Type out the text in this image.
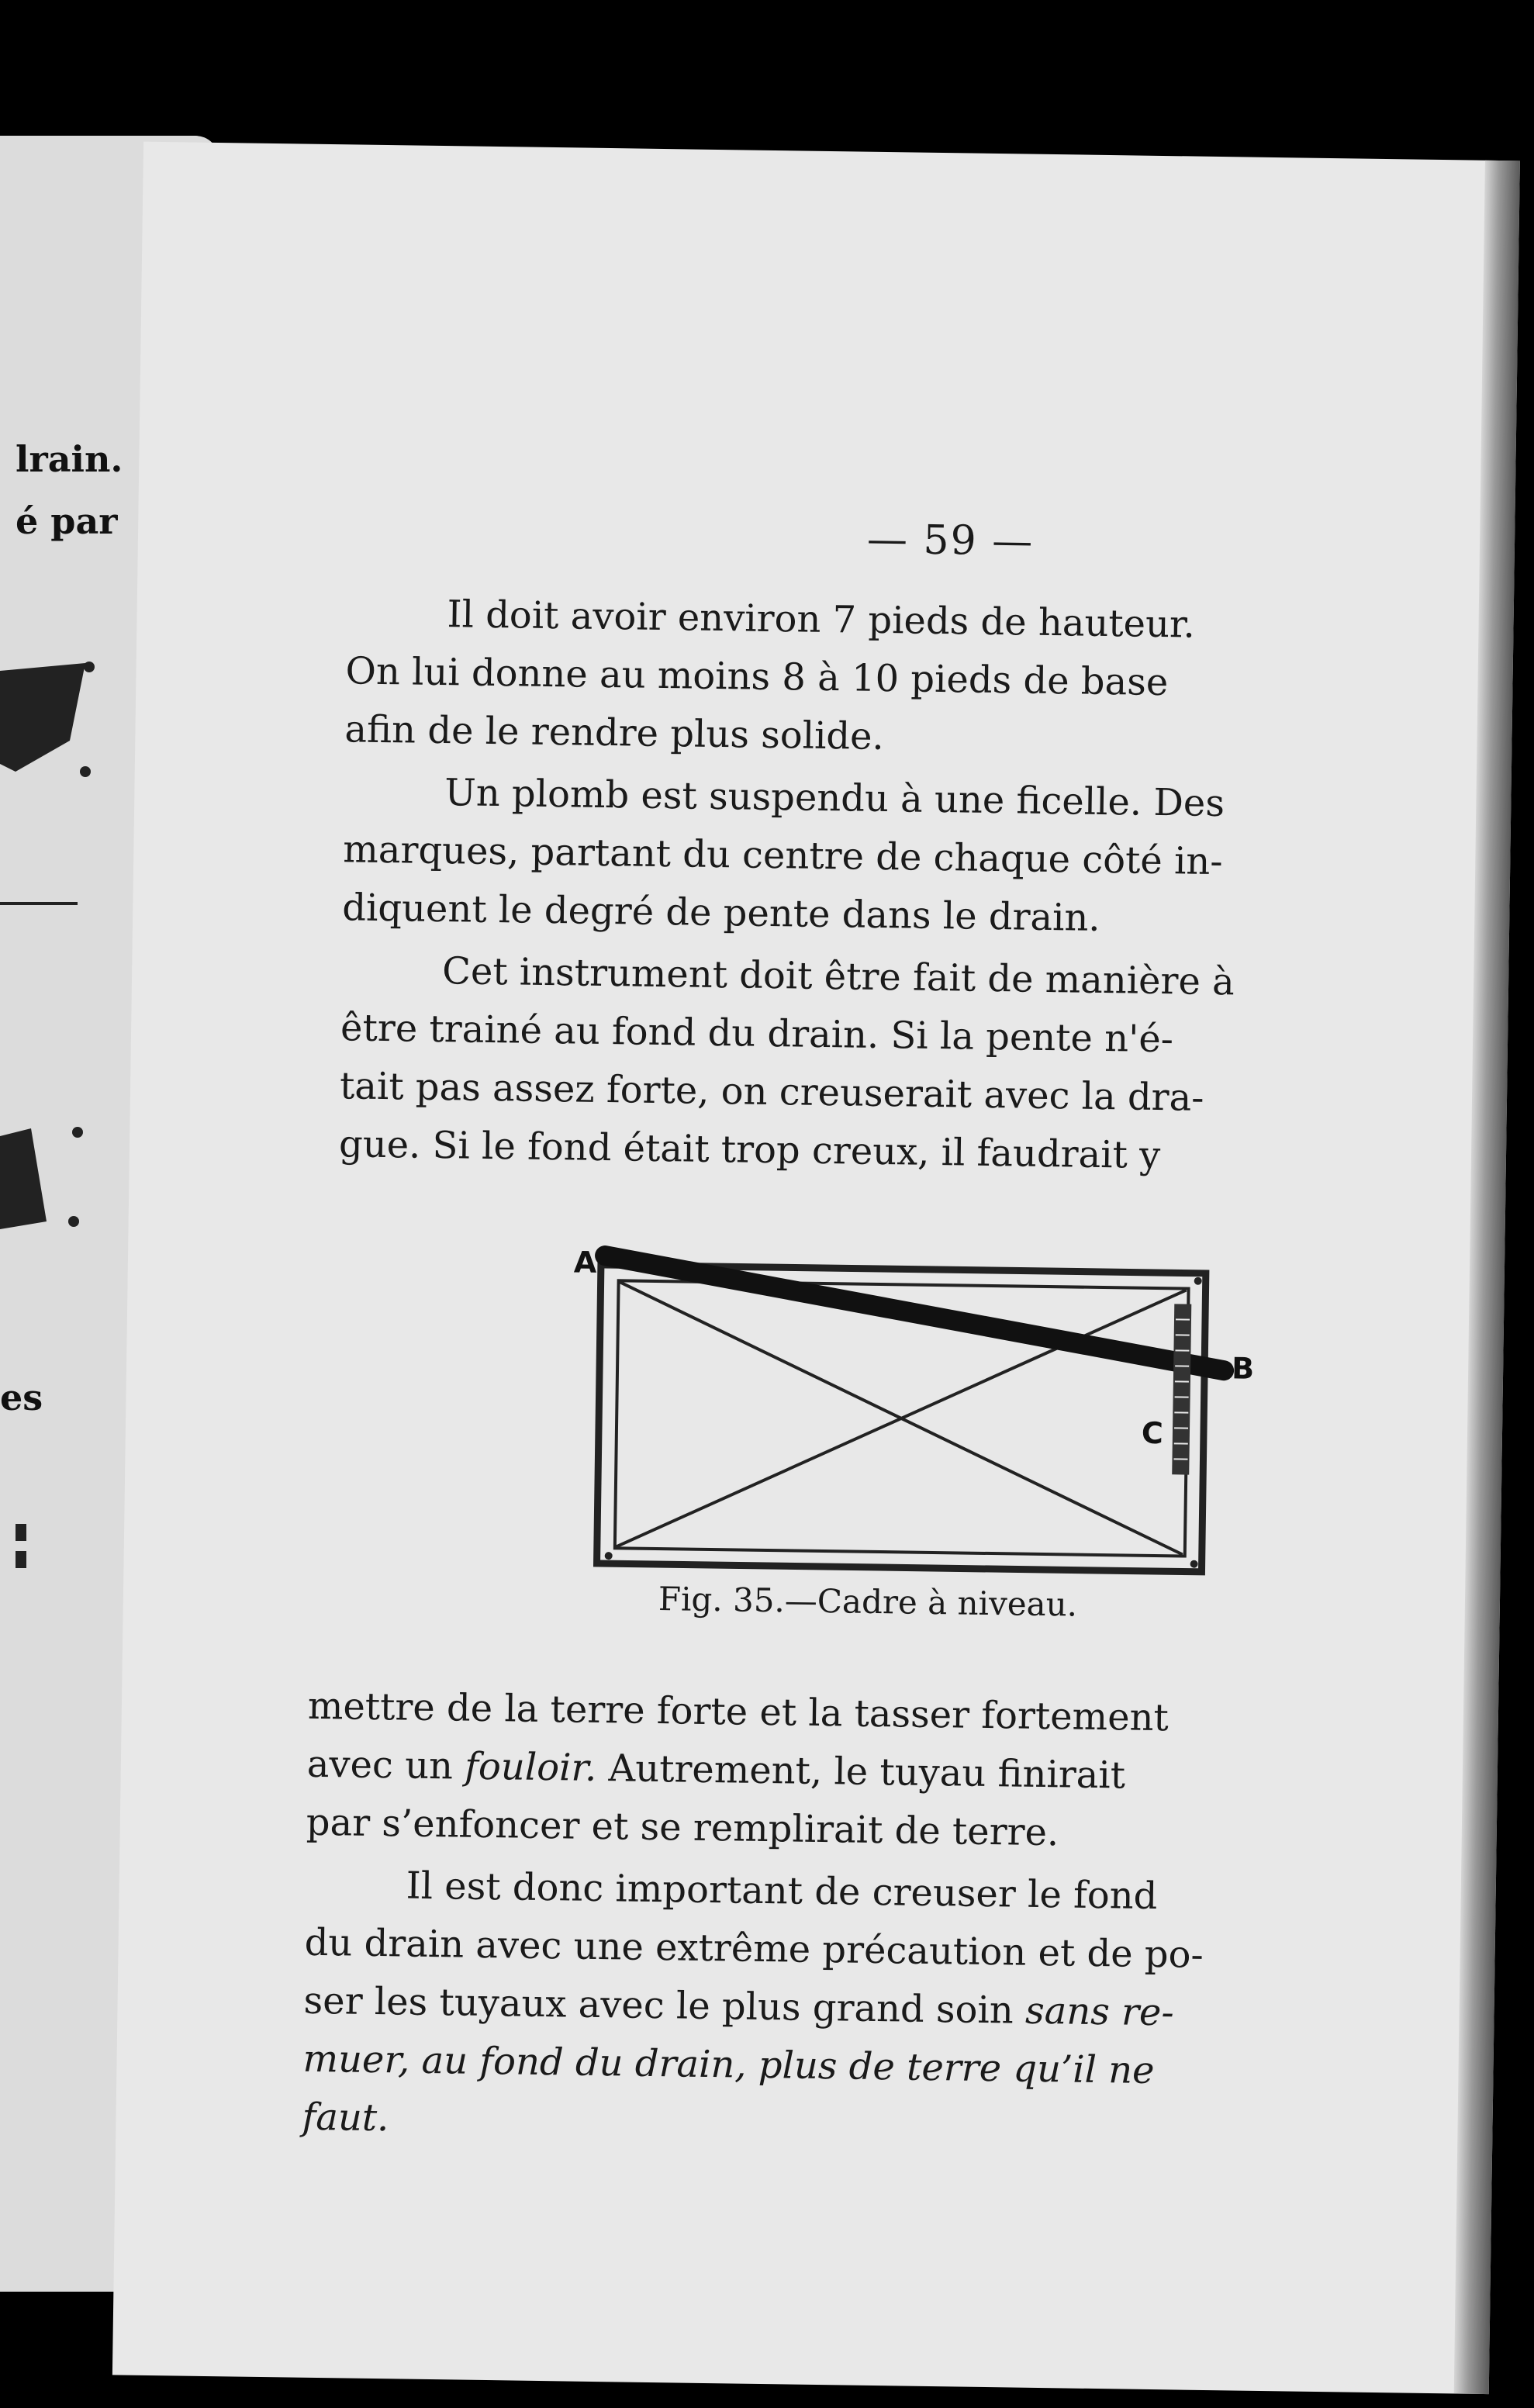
lrain.
é par
es
— 59 —
Il doit avoir environ 7 pieds de hauteur.
On lui donne au moins 8 à 10 pieds de base
afin de le rendre plus solide.
Un plomb est suspendu à une ficelle. Des
marques, partant du centre de chaque côté in-
diquent le degré de pente dans le drain.
Cet instrument doit être fait de manière à
être trainé au fond du drain. Si la pente n'é-
tait pas assez forte, on creuserait avec la dra-
gue. Si le fond était trop creux, il faudrait y
A
B
C
Fig. 35.—Cadre à niveau.
mettre de la terre forte et la tasser fortement
avec un fouloir. Autrement, le tuyau finirait
par s’enfoncer et se remplirait de terre.
Il est donc important de creuser le fond
du drain avec une extrême précaution et de po-
ser les tuyaux avec le plus grand soin sans re-
muer, au fond du drain, plus de terre qu’il ne
faut.
